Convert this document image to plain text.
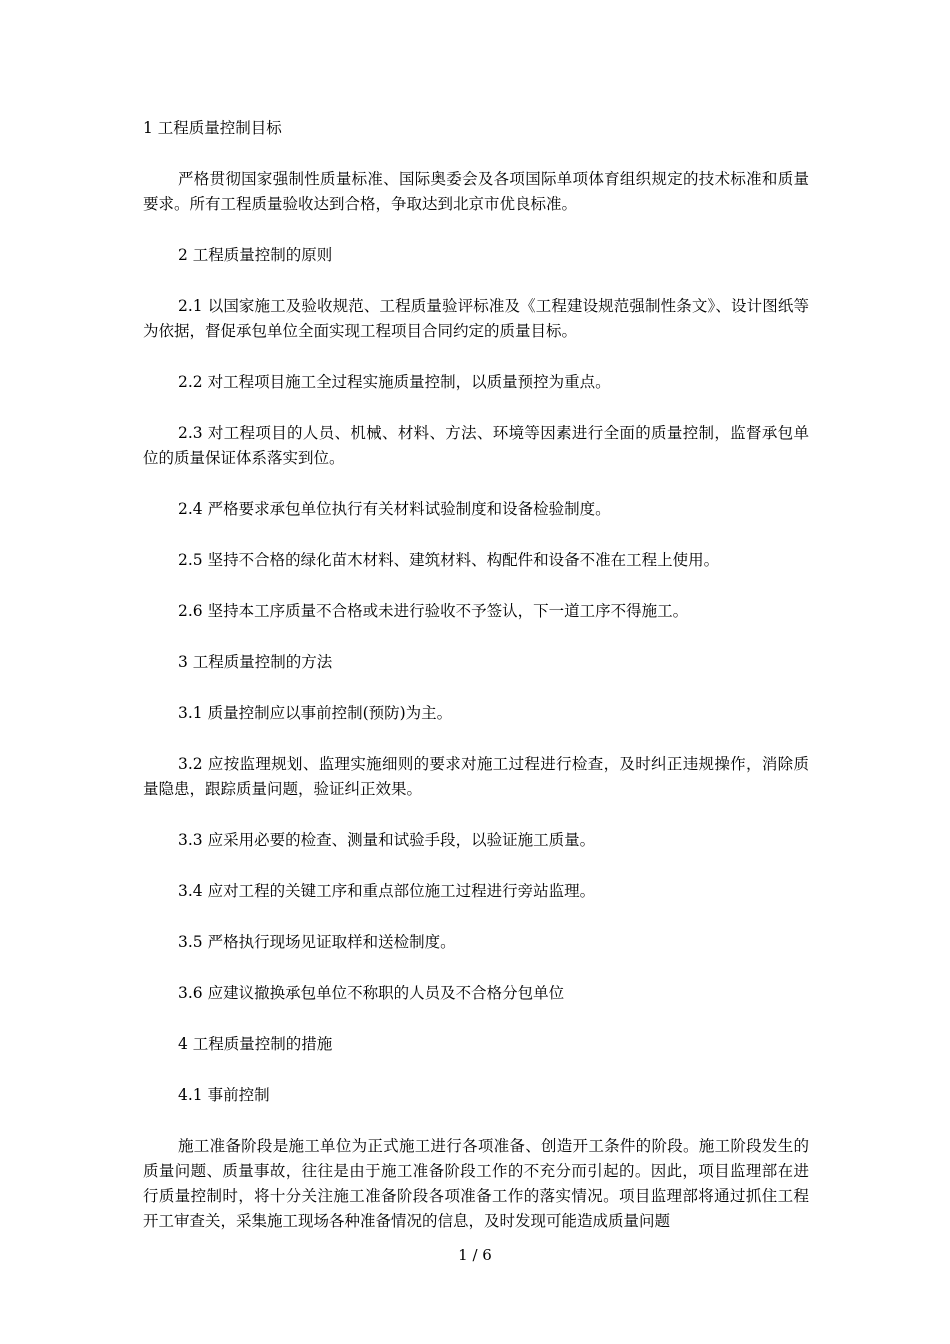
1 工程质量控制目标

严格贯彻国家强制性质量标准、国际奥委会及各项国际单项体育组织规定的技术标准和质量要求。所有工程质量验收达到合格，争取达到北京市优良标准。

2 工程质量控制的原则

2.1 以国家施工及验收规范、工程质量验评标准及《工程建设规范强制性条文》、设计图纸等为依据，督促承包单位全面实现工程项目合同约定的质量目标。

2.2 对工程项目施工全过程实施质量控制，以质量预控为重点。

2.3 对工程项目的人员、机械、材料、方法、环境等因素进行全面的质量控制，监督承包单位的质量保证体系落实到位。

2.4 严格要求承包单位执行有关材料试验制度和设备检验制度。

2.5 坚持不合格的绿化苗木材料、建筑材料、构配件和设备不准在工程上使用。

2.6 坚持本工序质量不合格或未进行验收不予签认，下一道工序不得施工。

3 工程质量控制的方法

3.1 质量控制应以事前控制(预防)为主。

3.2 应按监理规划、监理实施细则的要求对施工过程进行检查，及时纠正违规操作，消除质量隐患，跟踪质量问题，验证纠正效果。

3.3 应采用必要的检查、测量和试验手段，以验证施工质量。

3.4 应对工程的关键工序和重点部位施工过程进行旁站监理。

3.5 严格执行现场见证取样和送检制度。

3.6 应建议撤换承包单位不称职的人员及不合格分包单位

4 工程质量控制的措施

4.1 事前控制

施工准备阶段是施工单位为正式施工进行各项准备、创造开工条件的阶段。施工阶段发生的质量问题、质量事故，往往是由于施工准备阶段工作的不充分而引起的。因此，项目监理部在进行质量控制时，将十分关注施工准备阶段各项准备工作的落实情况。项目监理部将通过抓住工程开工审查关，采集施工现场各种准备情况的信息，及时发现可能造成质量问题

1 / 6
